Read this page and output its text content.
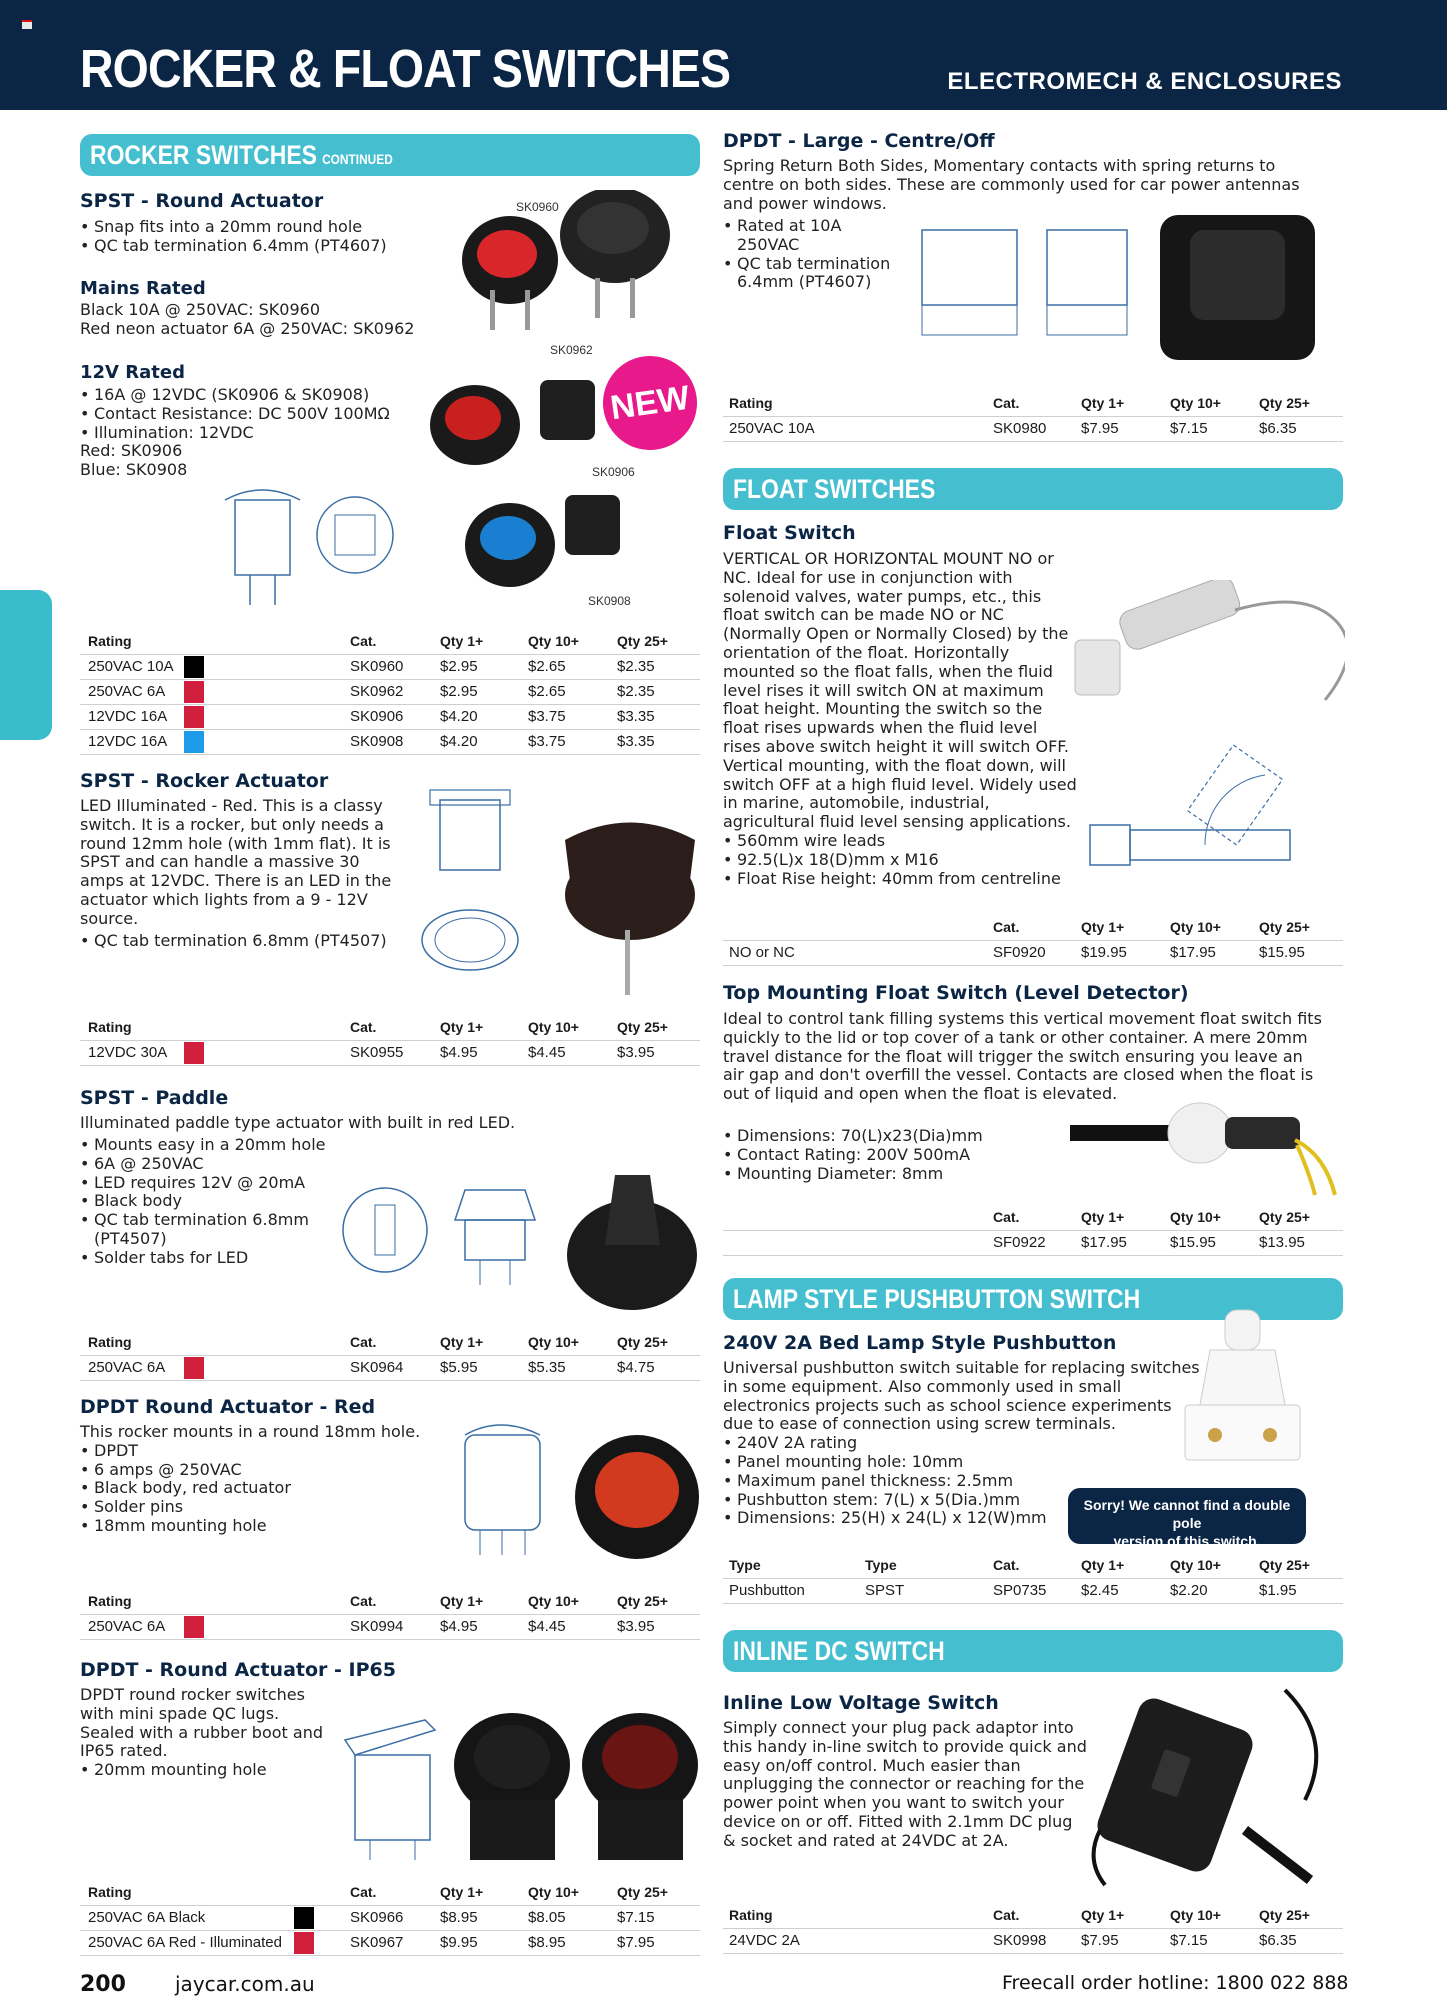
ROCKER & FLOAT SWITCHES	ELECTROMECH & ENCLOSURES
ROCKER SWITCHES CONTINUED
SPST - Round Actuator
• Snap fits into a 20mm round hole
• QC tab termination 6.4mm (PT4607)
Mains Rated

Black 10A @ 250VAC: SK0960

Red neon actuator 6A @ 250VAC: SK0962

12V Rated
• 16A @ 12VDC (SK0906 & SK0908)
• Contact Resistance: DC 500V 100MΩ
• Illumination: 12VDC

Red: SK0906

Blue: SK0908

SK0960
SK0962
SK0906
SK0908
NEW
Rating	Cat.	Qty 1+	Qty 10+	Qty 25+
250VAC 10A	SK0960 $2.95	$2.65	$2.35
250VAC 6A	SK0962 $2.95	$2.65	$2.35
12VDC 16A	SK0906 $4.20	$3.75	$3.35
12VDC 16A	SK0908 $4.20	$3.75	$3.35
SPST - Rocker Actuator

LED Illuminated - Red. This is a classy switch. It is a rocker, but only needs a round 12mm hole (with 1mm flat). It is SPST and can handle a massive 30 amps at 12VDC. There is an LED in the actuator which lights from a 9 - 12V source.

• QC tab termination 6.8mm (PT4507)
Rating	Cat.	Qty 1+	Qty 10+	Qty 25+
12VDC 30A	SK0955 $4.95	$4.45	$3.95
SPST - Paddle

Illuminated paddle type actuator with built in red LED.

• Mounts easy in a 20mm hole
• 6A @ 250VAC
• LED requires 12V @ 20mA
• Black body
• QC tab termination 6.8mm (PT4507)
• Solder tabs for LED
Rating	Cat.	Qty 1+	Qty 10+	Qty 25+
250VAC 6A	SK0964 $5.95	$5.35	$4.75
DPDT Round Actuator - Red

This rocker mounts in a round 18mm hole.

• DPDT
• 6 amps @ 250VAC
• Black body, red actuator
• Solder pins
• 18mm mounting hole
Rating	Cat.	Qty 1+	Qty 10+	Qty 25+
250VAC 6A	SK0994 $4.95	$4.45	$3.95
DPDT - Round Actuator - IP65

DPDT round rocker switches with mini spade QC lugs. Sealed with a rubber boot and IP65 rated.

• 20mm mounting hole
Rating	Cat.	Qty 1+	Qty 10+	Qty 25+
250VAC 6A Black	SK0966 $8.95	$8.05	$7.15
250VAC 6A Red - Illuminated	SK0967 $9.95	$8.95	$7.95
DPDT - Large - Centre/Off

Spring Return Both Sides, Momentary contacts with spring returns to centre on both sides. These are commonly used for car power antennas and power windows.

• Rated at 10A 250VAC
• QC tab termination 6.4mm (PT4607)
Rating	Cat.	Qty 1+	Qty 10+	Qty 25+
250VAC 10A	SK0980 $7.95	$7.15	$6.35
FLOAT SWITCHES
Float Switch

VERTICAL OR HORIZONTAL MOUNT NO or NC. Ideal for use in conjunction with solenoid valves, water pumps, etc., this float switch can be made NO or NC (Normally Open or Normally Closed) by the orientation of the float. Horizontally mounted so the float falls, when the fluid level rises it will switch ON at maximum float height. Mounting the switch so the float rises upwards when the fluid level rises above switch height it will switch OFF. Vertical mounting, with the float down, will switch OFF at a high fluid level. Widely used in marine, automobile, industrial, agricultural fluid level sensing applications.

• 560mm wire leads
• 92.5(L)x 18(D)mm x M16
• Float Rise height: 40mm from centreline
Cat.	Qty 1+	Qty 10+	Qty 25+
NO or NC	SF0920 $19.95	$17.95	$15.95
Top Mounting Float Switch (Level Detector)

Ideal to control tank filling systems this vertical movement float switch fits quickly to the lid or top cover of a tank or other container. A mere 20mm travel distance for the float will trigger the switch ensuring you leave an air gap and don't overfill the vessel. Contacts are closed when the float is out of liquid and open when the float is elevated.

• Dimensions: 70(L)x23(Dia)mm
• Contact Rating: 200V 500mA
• Mounting Diameter: 8mm
Cat.	Qty 1+	Qty 10+	Qty 25+
SF0922 $17.95	$15.95	$13.95
LAMP STYLE PUSHBUTTON SWITCH
240V 2A Bed Lamp Style Pushbutton

Universal pushbutton switch suitable for replacing switches in some equipment. Also commonly used in small electronics projects such as school science experiments due to ease of connection using screw terminals.

• 240V 2A rating
• Panel mounting hole: 10mm
• Maximum panel thickness: 2.5mm
• Pushbutton stem: 7(L) x 5(Dia.)mm
• Dimensions: 25(H) x 24(L) x 12(W)mm
Sorry! We cannot find a double pole
version of this switch.
Type	Type	Cat.	Qty 1+	Qty 10+	Qty 25+
Pushbutton	SPST	SP0735 $2.45	$2.20	$1.95
INLINE DC SWITCH
Inline Low Voltage Switch

Simply connect your plug pack adaptor into this handy in-line switch to provide quick and easy on/off control. Much easier than unplugging the connector or reaching for the power point when you want to switch your device on or off. Fitted with 2.1mm DC plug & socket and rated at 24VDC at 2A.

Rating	Cat.	Qty 1+	Qty 10+	Qty 25+
24VDC 2A	SK0998 $7.95	$7.15	$6.35
200 jaycar.com.au	Freecall order hotline: 1800 022 888
